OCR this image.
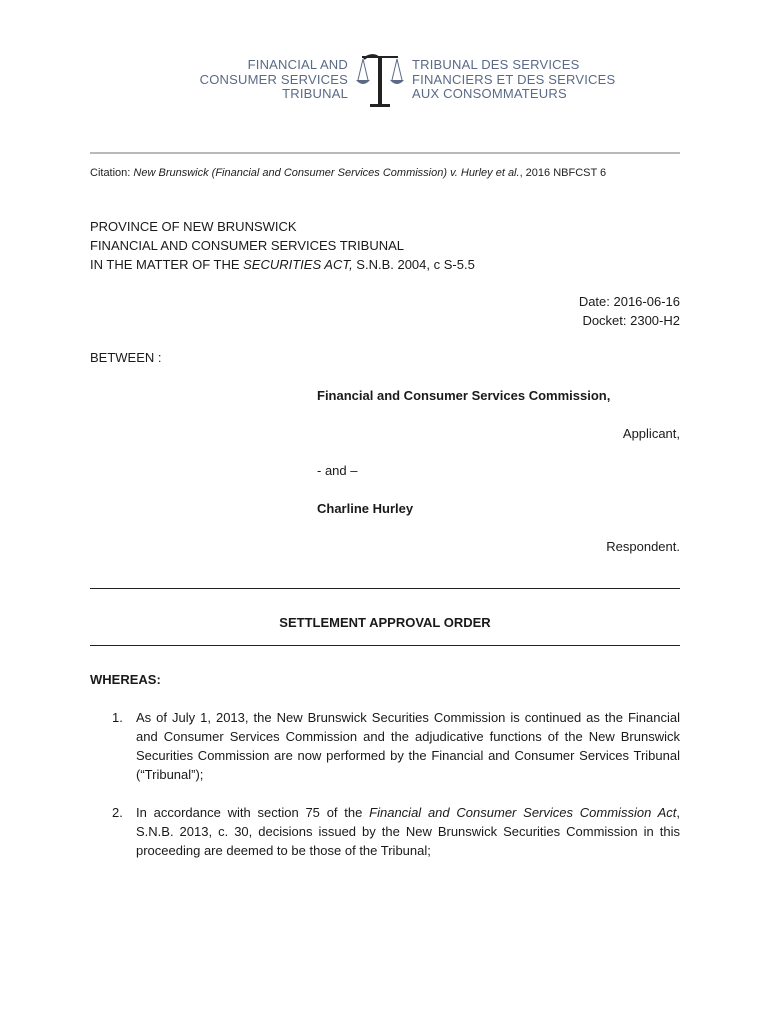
FINANCIAL AND
CONSUMER SERVICES
TRIBUNAL
TRIBUNAL DES SERVICES
FINANCIERS ET DES SERVICES
AUX CONSOMMATEURS
Citation: New Brunswick (Financial and Consumer Services Commission) v. Hurley et al., 2016 NBFCST 6
PROVINCE OF NEW BRUNSWICK
FINANCIAL AND CONSUMER SERVICES TRIBUNAL
IN THE MATTER OF THE SECURITIES ACT, S.N.B. 2004, c S-5.5
Date: 2016-06-16
Docket: 2300-H2
BETWEEN :
Financial and Consumer Services Commission,
Applicant,
- and –
Charline Hurley
Respondent.
SETTLEMENT APPROVAL ORDER
WHEREAS:
1. As of July 1, 2013, the New Brunswick Securities Commission is continued as the Financial and Consumer Services Commission and the adjudicative functions of the New Brunswick Securities Commission are now performed by the Financial and Consumer Services Tribunal (“Tribunal”);
2. In accordance with section 75 of the Financial and Consumer Services Commission Act, S.N.B. 2013, c. 30, decisions issued by the New Brunswick Securities Commission in this proceeding are deemed to be those of the Tribunal;
